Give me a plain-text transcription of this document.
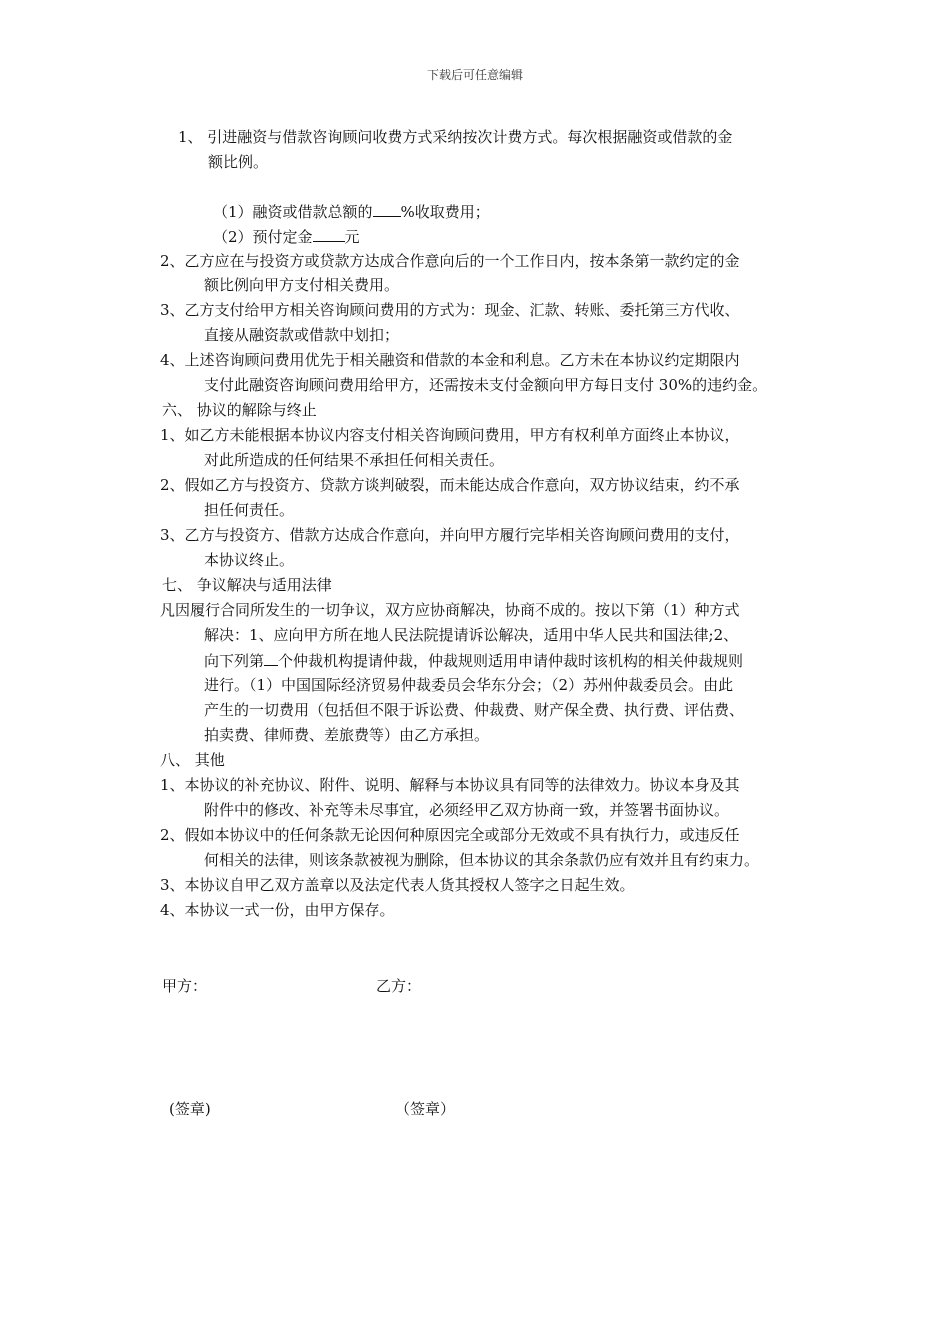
下载后可任意编辑
1、 引进融资与借款咨询顾问收费方式采纳按次计费方式。每次根据融资或借款的金
额比例。
（1）融资或借款总额的 %收取费用；
（2）预付定金 元
2、乙方应在与投资方或贷款方达成合作意向后的一个工作日内，按本条第一款约定的金
额比例向甲方支付相关费用。
3、乙方支付给甲方相关咨询顾问费用的方式为：现金、汇款、转账、委托第三方代收、
直接从融资款或借款中划扣；
4、上述咨询顾问费用优先于相关融资和借款的本金和利息。乙方未在本协议约定期限内
支付此融资咨询顾问费用给甲方，还需按未支付金额向甲方每日支付 30%的违约金。
六、 协议的解除与终止
1、如乙方未能根据本协议内容支付相关咨询顾问费用，甲方有权利单方面终止本协议，
对此所造成的任何结果不承担任何相关责任。
2、假如乙方与投资方、贷款方谈判破裂，而未能达成合作意向，双方协议结束，约不承
担任何责任。
3、乙方与投资方、借款方达成合作意向，并向甲方履行完毕相关咨询顾问费用的支付，
本协议终止。
七、 争议解决与适用法律
凡因履行合同所发生的一切争议，双方应协商解决，协商不成的。按以下第（1）种方式
解决：1、应向甲方所在地人民法院提请诉讼解决，适用中华人民共和国法律;2、
向下列第 个仲裁机构提请仲裁，仲裁规则适用申请仲裁时该机构的相关仲裁规则
进行。（1）中国国际经济贸易仲裁委员会华东分会；（2）苏州仲裁委员会。由此
产生的一切费用（包括但不限于诉讼费、仲裁费、财产保全费、执行费、评估费、
拍卖费、律师费、差旅费等）由乙方承担。
八、 其他
1、本协议的补充协议、附件、说明、解释与本协议具有同等的法律效力。协议本身及其
附件中的修改、补充等未尽事宜，必须经甲乙双方协商一致，并签署书面协议。
2、假如本协议中的任何条款无论因何种原因完全或部分无效或不具有执行力，或违反任
何相关的法律，则该条款被视为删除，但本协议的其余条款仍应有效并且有约束力。
3、本协议自甲乙双方盖章以及法定代表人货其授权人签字之日起生效。
4、本协议一式一份，由甲方保存。
甲方：	乙方：
(签章)	（签章）
